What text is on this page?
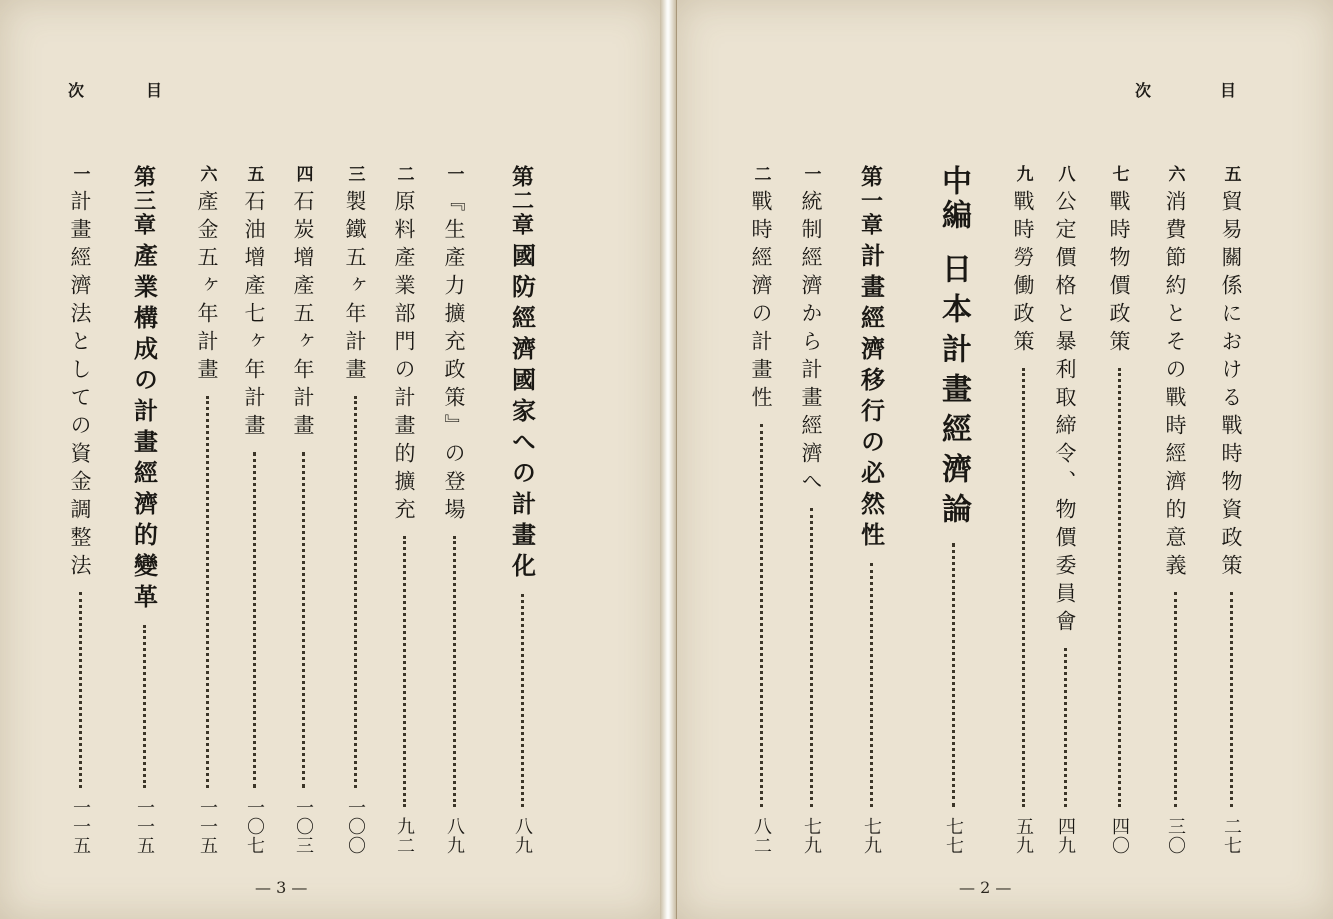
次	目
第二章
國防經濟國家への計畫化
八九
一
『生產力擴充政策』の登場
八九
二
原料產業部門の計畫的擴充
九二
三
製鐵五ヶ年計畫
一〇〇
四
石炭增產五ヶ年計畫
一〇三
五
石油增產七ヶ年計畫
一〇七
六
產金五ヶ年計畫
一一五
第三章
產業構成の計畫經濟的變革
一一五
一
計畫經濟法としての資金調整法
一一五
— 3 —
次	目
五
貿易關係における戰時物資政策
二七
六
消費節約とその戰時經濟的意義
三〇
七
戰時物價政策
四〇
八
公定價格と暴利取締令、物價委員會
四九
九
戰時勞働政策
五九
中編
日本計畫經濟論
七七
第一章
計畫經濟移行の必然性
七九
一
統制經濟から計畫經濟へ
七九
二
戰時經濟の計畫性
八二
— 2 —
